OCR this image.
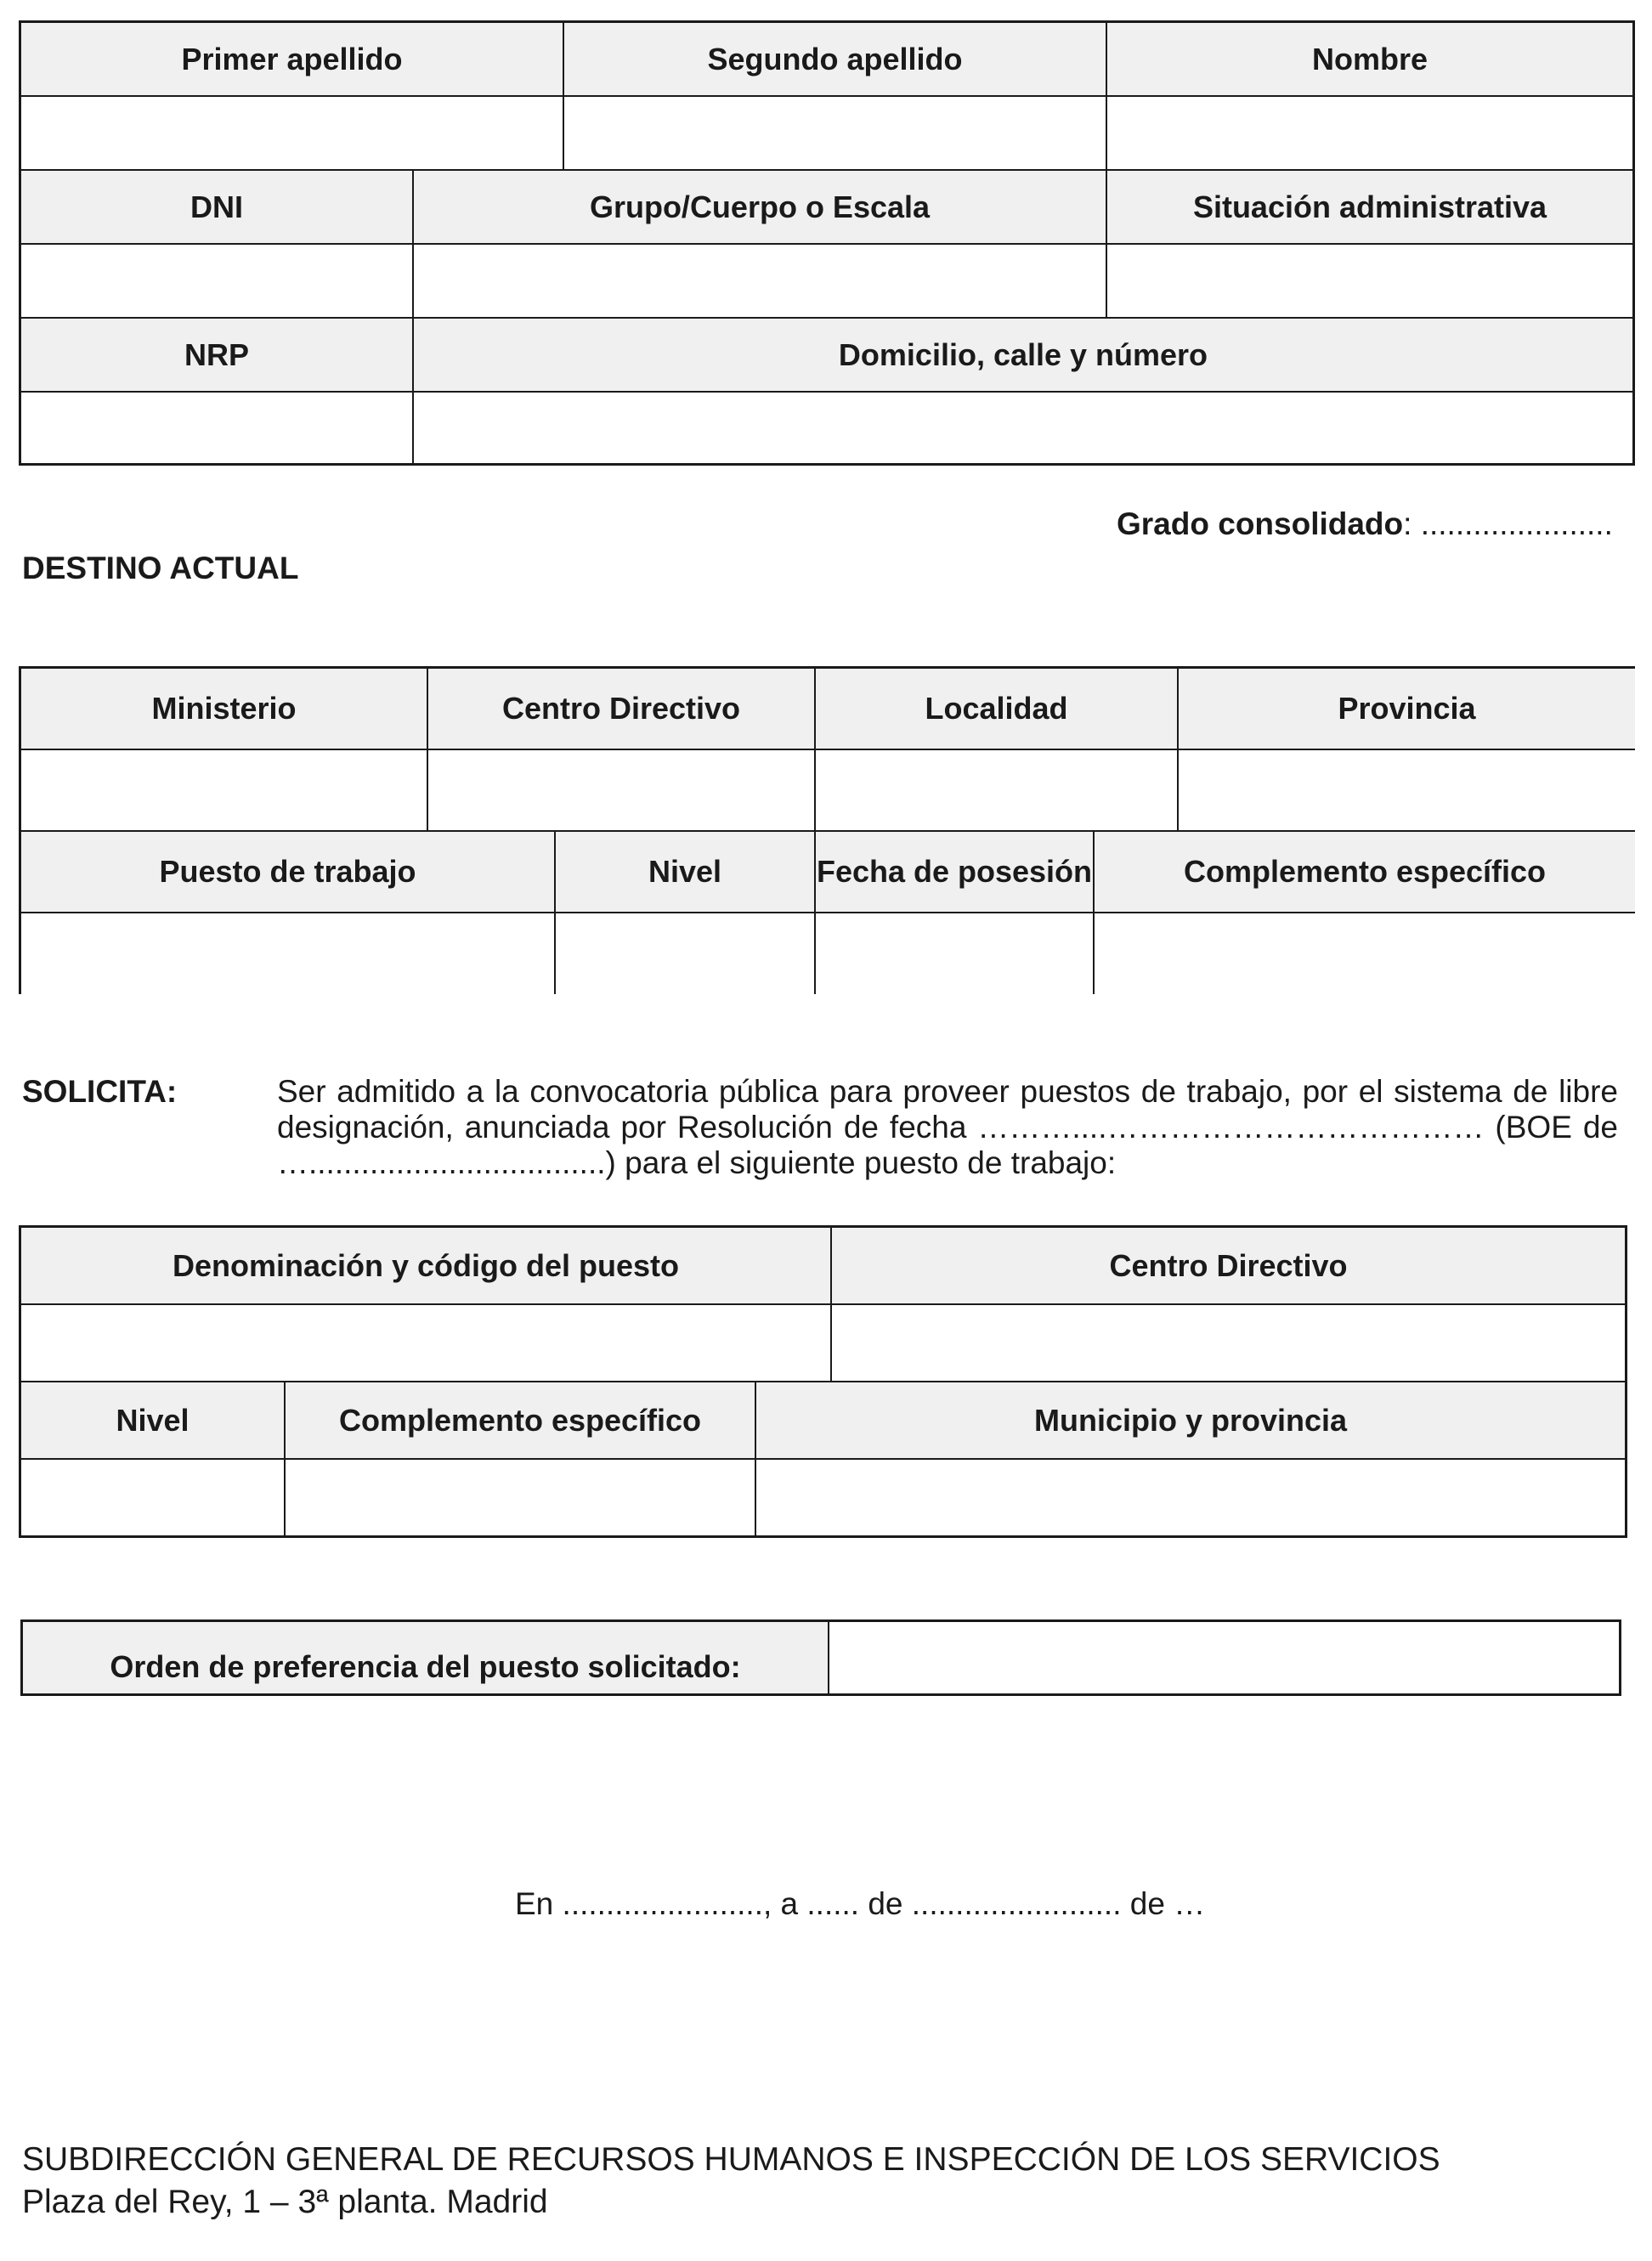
Primer apellido	Segundo apellido	Nombre
DNI	Grupo/Cuerpo o Escala	Situación administrativa
NRP	Domicilio, calle y número
Grado consolidado: ......................
DESTINO ACTUAL
Ministerio	Centro Directivo	Localidad	Provincia
Puesto de trabajo	Nivel	Fecha de posesión	Complemento específico
SOLICITA:	Ser admitido a la convocatoria pública para proveer puestos de trabajo, por el sistema de libre designación, anunciada por Resolución de fecha ………....……………………………… (BOE de …..................................) para el siguiente puesto de trabajo:
Denominación y código del puesto	Centro Directivo
Nivel	Complemento específico	Municipio y provincia
Orden de preferencia del puesto solicitado:
En ......................., a ...... de ........................ de …
SUBDIRECCIÓN GENERAL DE RECURSOS HUMANOS E INSPECCIÓN DE LOS SERVICIOS
Plaza del Rey, 1 – 3ª planta. Madrid
